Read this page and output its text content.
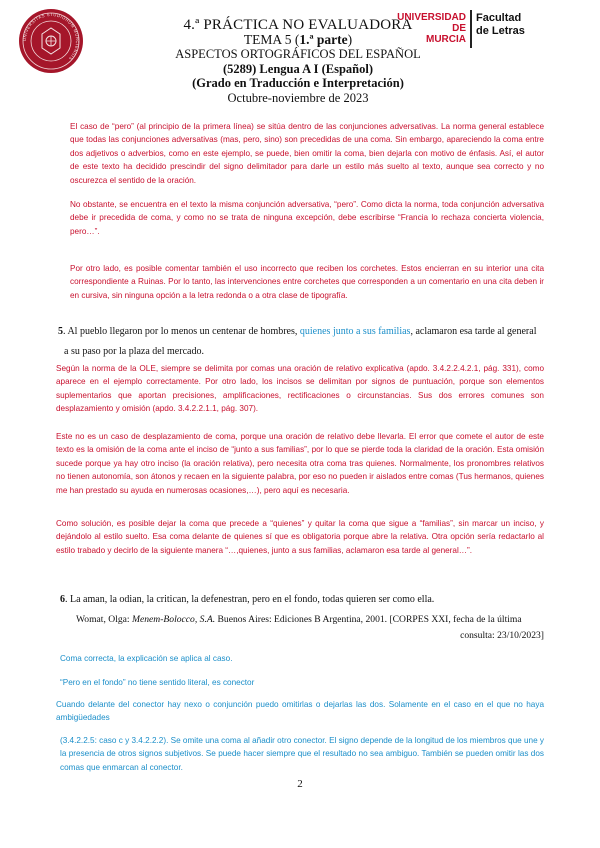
UNIVERSITAS STUDIORUM MURCIENSIS
4.ª PRÁCTICA NO EVALUADORA
TEMA 5 (1.ª parte)
ASPECTOS ORTOGRÁFICOS DEL ESPAÑOL
(5289) Lengua A I (Español)
(Grado en Traducción e Interpretación)
Octubre-noviembre de 2023
UNIVERSIDAD DE
MURCIA
Facultad
de Letras
El caso de “pero” (al principio de la primera línea) se sitúa dentro de las conjunciones adversativas. La norma general establece que todas las conjunciones adversativas (mas, pero, sino) son precedidas de una coma. Sin embargo, apareciendo la coma entre dos adjetivos o adverbios, como en este ejemplo, se puede, bien omitir la coma, bien dejarla con motivo de énfasis. Así, el autor de este texto ha decidido prescindir del signo delimitador para darle un estilo más suelto al texto, aunque sea correcto y no oscurezca el sentido de la oración.
No obstante, se encuentra en el texto la misma conjunción adversativa, “pero”. Como dicta la norma, toda conjunción adversativa debe ir precedida de coma, y como no se trata de ninguna excepción, debe escribirse “Francia lo rechaza concierta violencia, pero…”.
Por otro lado, es posible comentar también el uso incorrecto que reciben los corchetes. Estos encierran en su interior una cita correspondiente a Ruinas. Por lo tanto, las intervenciones entre corchetes que corresponden a un comentario en una cita deben ir en cursiva, sin ninguna opción a la letra redonda o a otra clase de tipografía.
5. Al pueblo llegaron por lo menos un centenar de hombres, quienes junto a sus familias, aclamaron esa tarde al general
a su paso por la plaza del mercado.
Según la norma de la OLE, siempre se delimita por comas una oración de relativo explicativa (apdo. 3.4.2.2.4.2.1, pág. 331), como aparece en el ejemplo correctamente. Por otro lado, los incisos se delimitan por signos de puntuación, porque son elementos suplementarios que aportan precisiones, amplificaciones, rectificaciones o circunstancias. Sus dos errores comunes son desplazamiento y omisión (apdo. 3.4.2.2.1.1, pág. 307).
Este no es un caso de desplazamiento de coma, porque una oración de relativo debe llevarla. El error que comete el autor de este texto es la omisión de la coma ante el inciso de “junto a sus familias”, por lo que se pierde toda la claridad de la oración. Esta omisión sucede porque ya hay otro inciso (la oración relativa), pero necesita otra coma tras quienes. Normalmente, los pronombres relativos no tienen autonomía, son átonos y recaen en la siguiente palabra, por eso no pueden ir aislados entre comas (Tus hermanos, quienes me han prestado su ayuda en numerosas ocasiones,…), pero aquí es necesaria.
Como solución, es posible dejar la coma que precede a “quienes” y quitar la coma que sigue a “familias”, sin marcar un inciso, y dejándolo al estilo suelto. Esa coma delante de quienes sí que es obligatoria porque abre la relativa. Otra opción sería redactarlo al estilo trabado y decirlo de la siguiente manera “…,quienes, junto a sus familias, aclamaron esa tarde al general…”.
6. La aman, la odian, la critican, la defenestran, pero en el fondo, todas quieren ser como ella.
Womat, Olga: Menem-Bolocco, S.A. Buenos Aires: Ediciones B Argentina, 2001. [CORPES XXI, fecha de la última
consulta: 23/10/2023]
Coma correcta, la explicación se aplica al caso.
“Pero en el fondo” no tiene sentido literal, es conector
Cuando delante del conector hay nexo o conjunción puedo omitirlas o dejarlas las dos. Solamente en el caso en el que no haya ambigüedades
(3.4.2.2.5: caso c y 3.4.2.2.2). Se omite una coma al añadir otro conector. El signo depende de la longitud de los miembros que une y la presencia de otros signos subjetivos. Se puede hacer siempre que el resultado no sea ambiguo. También se pueden omitir las dos comas que enmarcan al conector.
2
